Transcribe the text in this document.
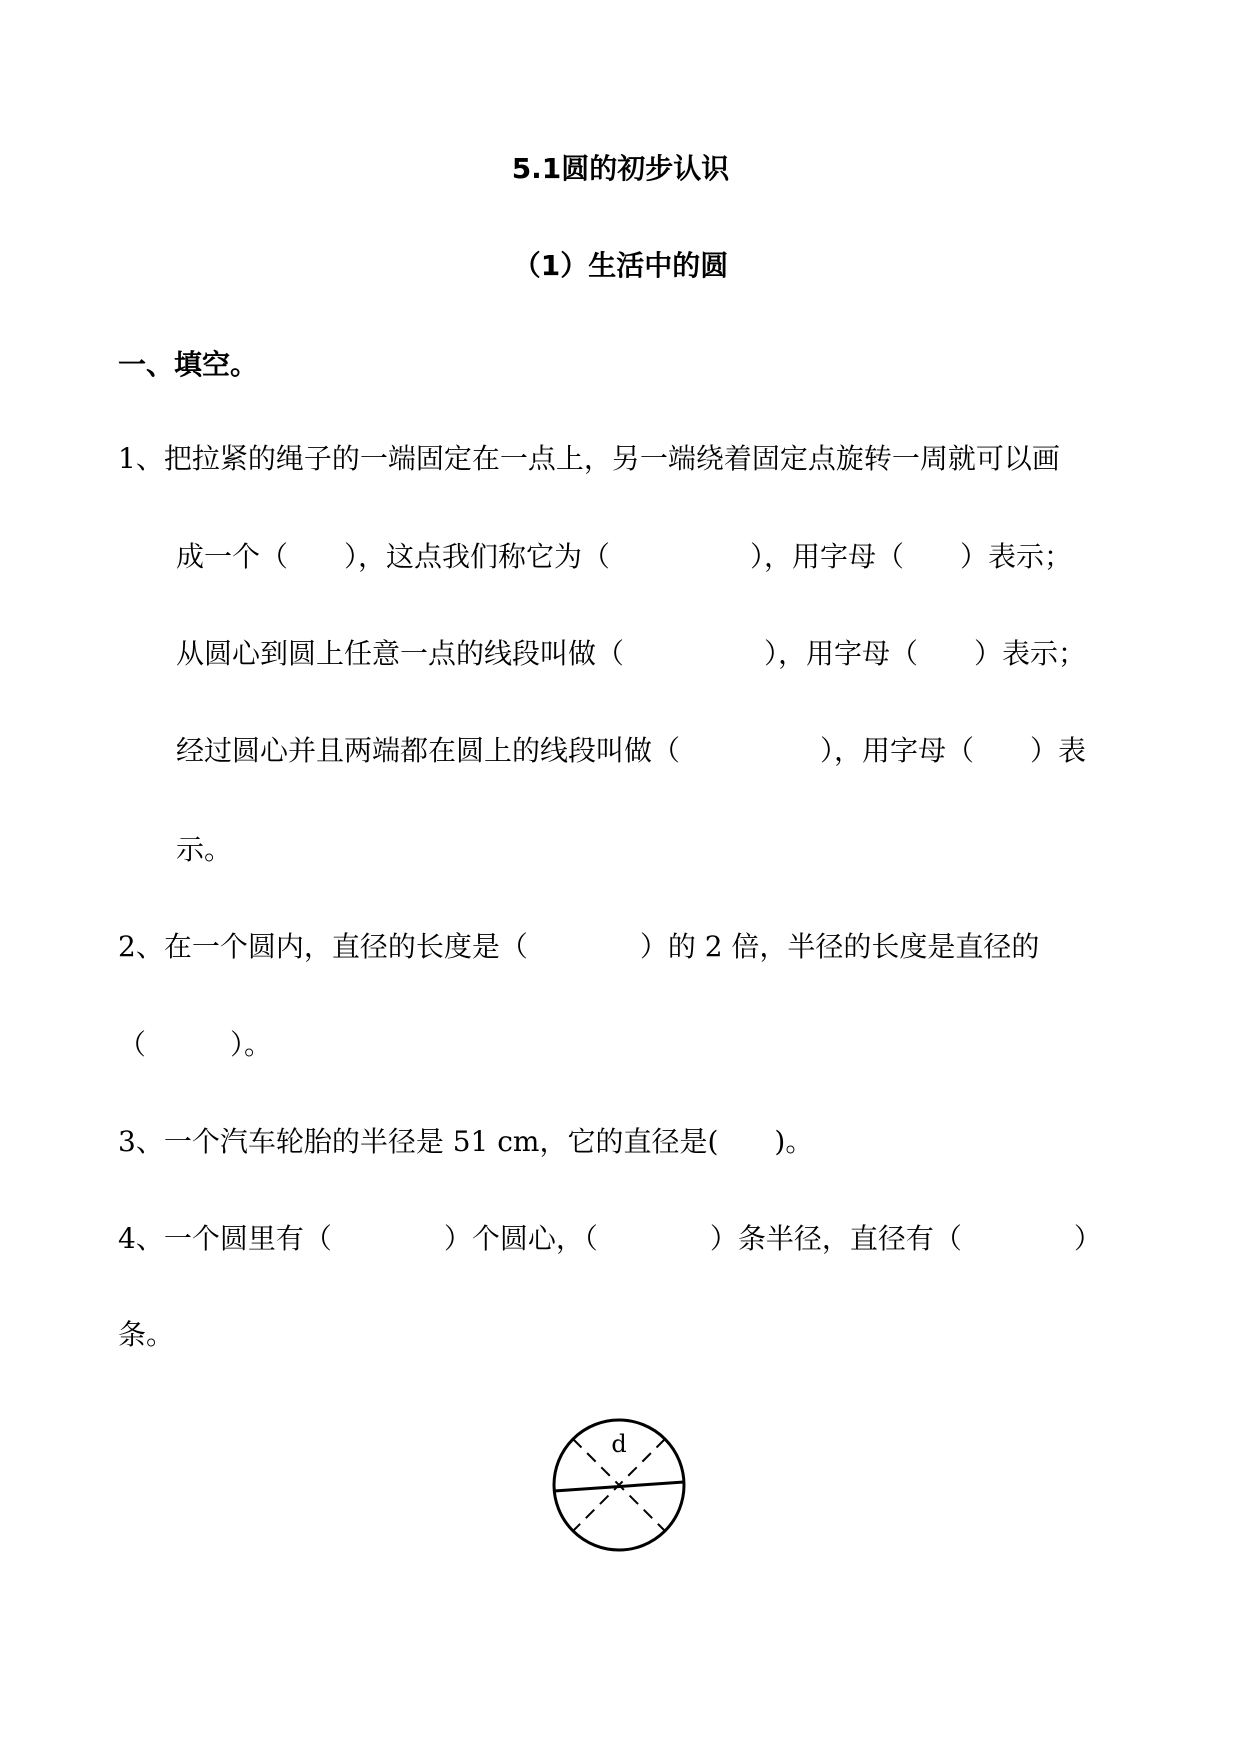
5.1圆的初步认识
（1）生活中的圆
一、填空。
1、把拉紧的绳子的一端固定在一点上，另一端绕着固定点旋转一周就可以画
成一个（　　），这点我们称它为（　　　　　），用字母（　　）表示；
从圆心到圆上任意一点的线段叫做（　　　　　），用字母（　　）表示；
经过圆心并且两端都在圆上的线段叫做（　　　　　），用字母（　　）表
示。
2、在一个圆内，直径的长度是（　　　　）的 2 倍，半径的长度是直径的
（　　　）。
3、一个汽车轮胎的半径是 51 cm，它的直径是(　　)。
4、一个圆里有（　　　　）个圆心，（　　　　）条半径，直径有（　　　　）
条。
d
